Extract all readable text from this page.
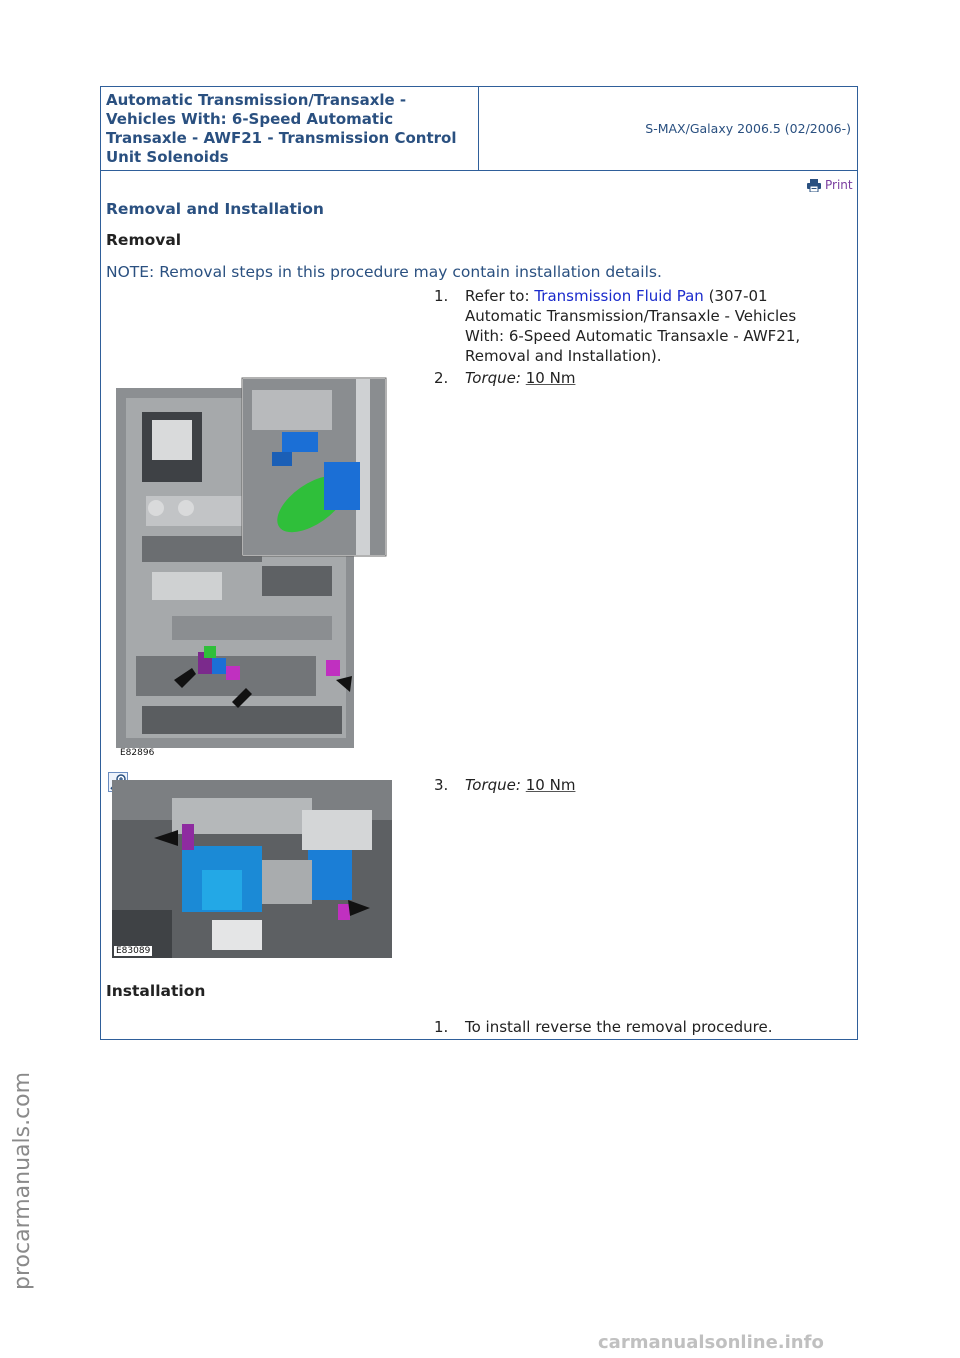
Automatic Transmission/Transaxle - Vehicles With: 6-Speed Automatic Transaxle - AWF21 - Transmission Control Unit Solenoids
S-MAX/Galaxy 2006.5 (02/2006-)
Print
Removal and Installation
Removal
NOTE: Removal steps in this procedure may contain installation details.
1. Refer to: Transmission Fluid Pan (307-01 Automatic Transmission/Transaxle - Vehicles With: 6-Speed Automatic Transaxle - AWF21, Removal and Installation).
2. Torque: 10 Nm
3. Torque: 10 Nm
Installation
1. To install reverse the removal procedure.
E82896
E83089
procarmanuals.com
carmanualsonline.info
